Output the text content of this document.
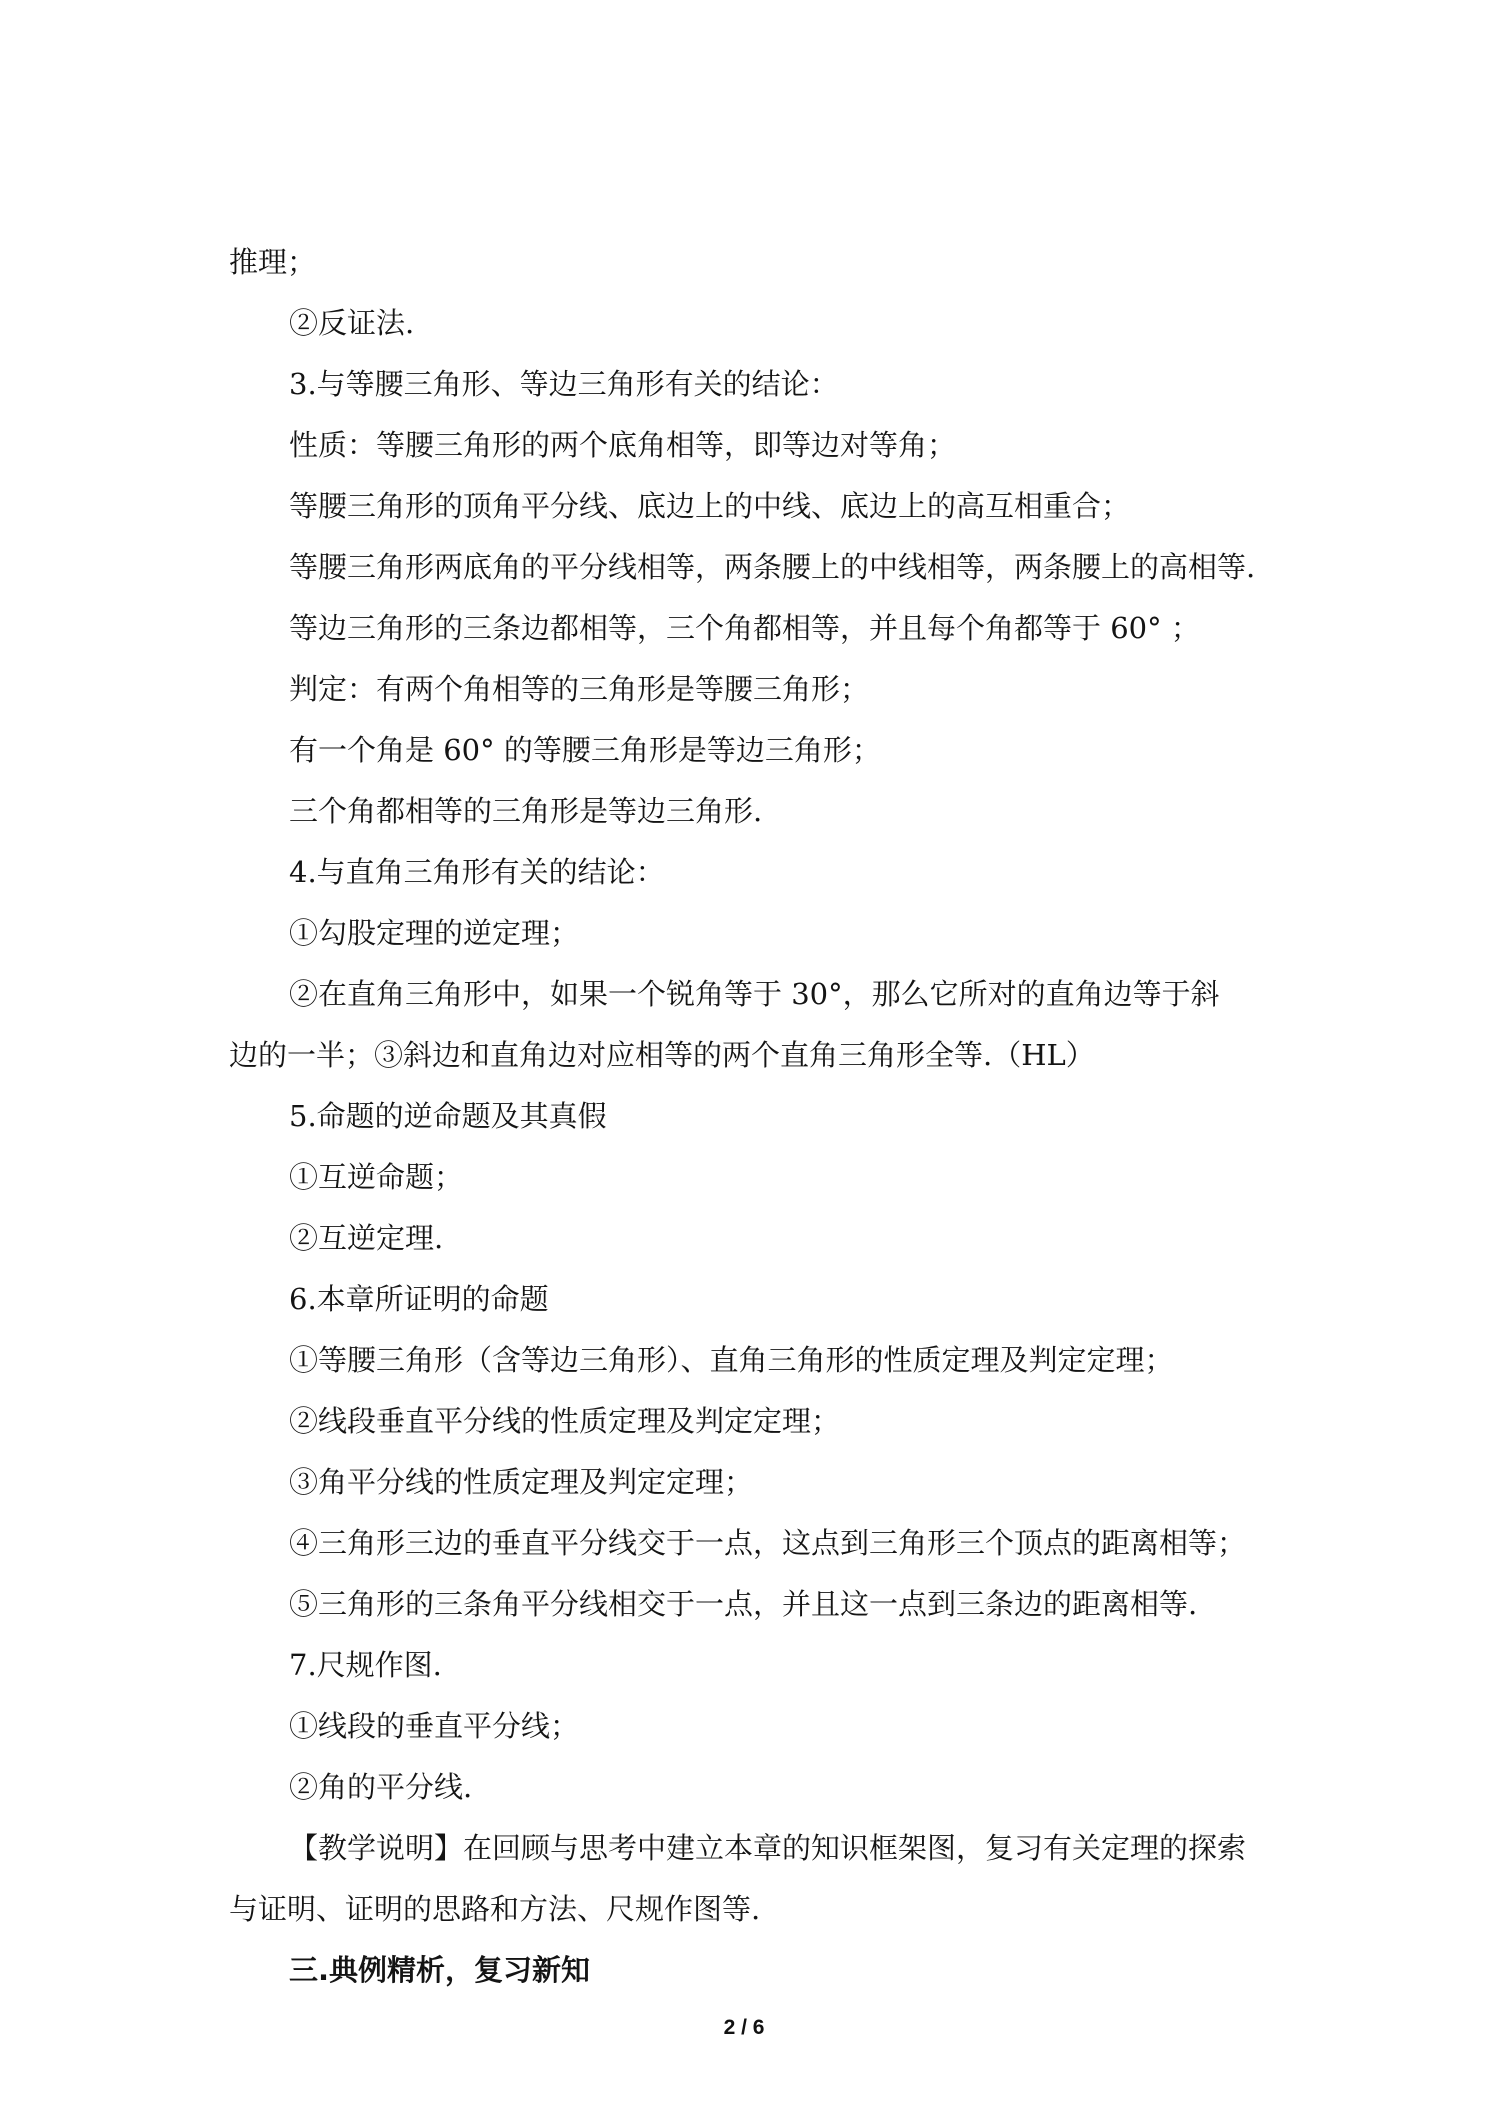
推理；
②反证法.
3.与等腰三角形、等边三角形有关的结论：
性质：等腰三角形的两个底角相等，即等边对等角；
等腰三角形的顶角平分线、底边上的中线、底边上的高互相重合；
等腰三角形两底角的平分线相等，两条腰上的中线相等，两条腰上的高相等.
等边三角形的三条边都相等，三个角都相等，并且每个角都等于 60° ；
判定：有两个角相等的三角形是等腰三角形；
有一个角是 60° 的等腰三角形是等边三角形；
三个角都相等的三角形是等边三角形.
4.与直角三角形有关的结论：
①勾股定理的逆定理；
②在直角三角形中，如果一个锐角等于 30°，那么它所对的直角边等于斜
边的一半；③斜边和直角边对应相等的两个直角三角形全等.（HL）
5.命题的逆命题及其真假
①互逆命题；
②互逆定理.
6.本章所证明的命题
①等腰三角形（含等边三角形）、直角三角形的性质定理及判定定理；
②线段垂直平分线的性质定理及判定定理；
③角平分线的性质定理及判定定理；
④三角形三边的垂直平分线交于一点，这点到三角形三个顶点的距离相等；
⑤三角形的三条角平分线相交于一点，并且这一点到三条边的距离相等.
7.尺规作图.
①线段的垂直平分线；
②角的平分线.
【教学说明】在回顾与思考中建立本章的知识框架图，复习有关定理的探索
与证明、证明的思路和方法、尺规作图等.
三.典例精析，复习新知
2 / 6
